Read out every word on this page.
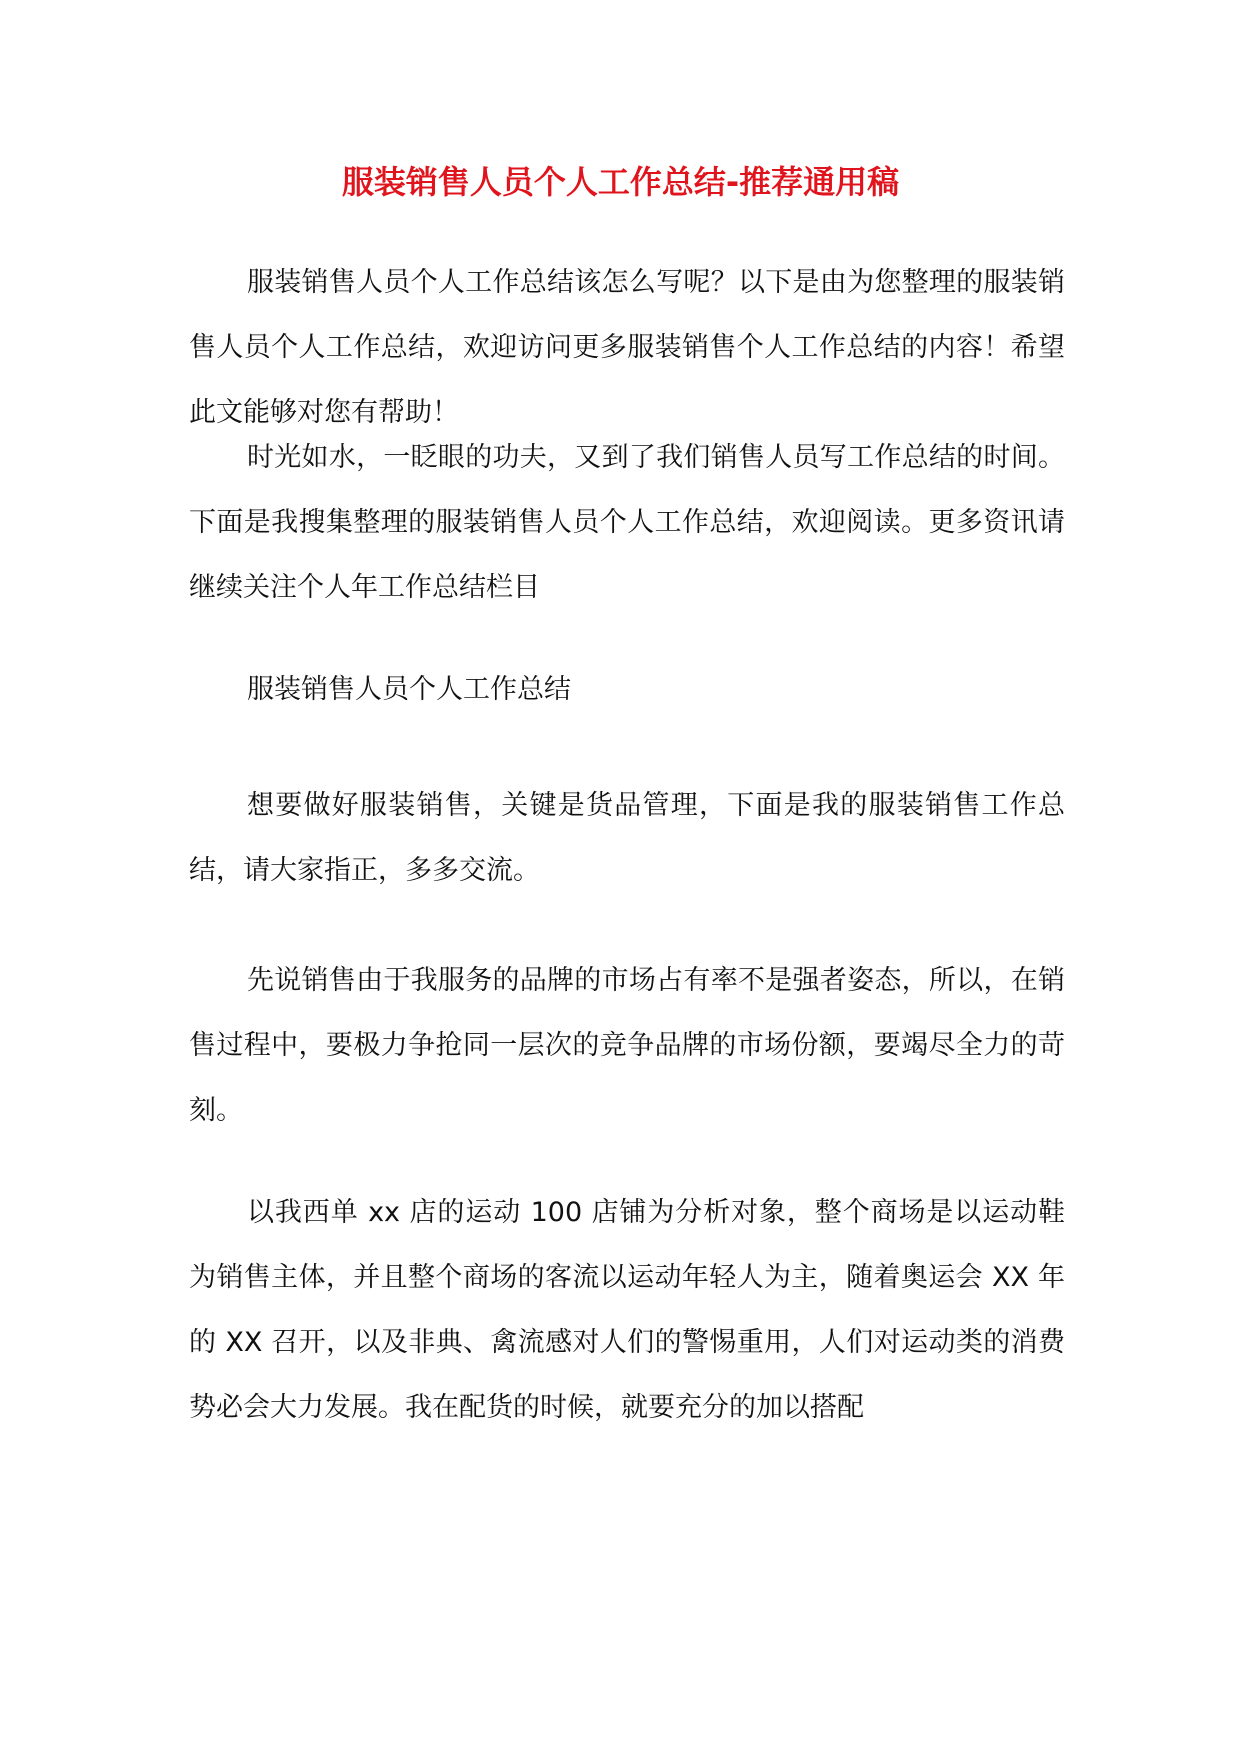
服装销售人员个人工作总结-推荐通用稿

服装销售人员个人工作总结该怎么写呢？以下是由为您整理的服装销售人员个人工作总结，欢迎访问更多服装销售个人工作总结的内容！希望此文能够对您有帮助！

时光如水，一眨眼的功夫，又到了我们销售人员写工作总结的时间。下面是我搜集整理的服装销售人员个人工作总结，欢迎阅读。更多资讯请继续关注个人年工作总结栏目

服装销售人员个人工作总结

想要做好服装销售，关键是货品管理，下面是我的服装销售工作总结，请大家指正，多多交流。

先说销售由于我服务的品牌的市场占有率不是强者姿态，所以，在销售过程中，要极力争抢同一层次的竞争品牌的市场份额，要竭尽全力的苛刻。

以我西单 xx 店的运动 100 店铺为分析对象，整个商场是以运动鞋为销售主体，并且整个商场的客流以运动年轻人为主，随着奥运会 XX 年的 XX 召开，以及非典、禽流感对人们的警惕重用，人们对运动类的消费势必会大力发展。我在配货的时候，就要充分的加以搭配
